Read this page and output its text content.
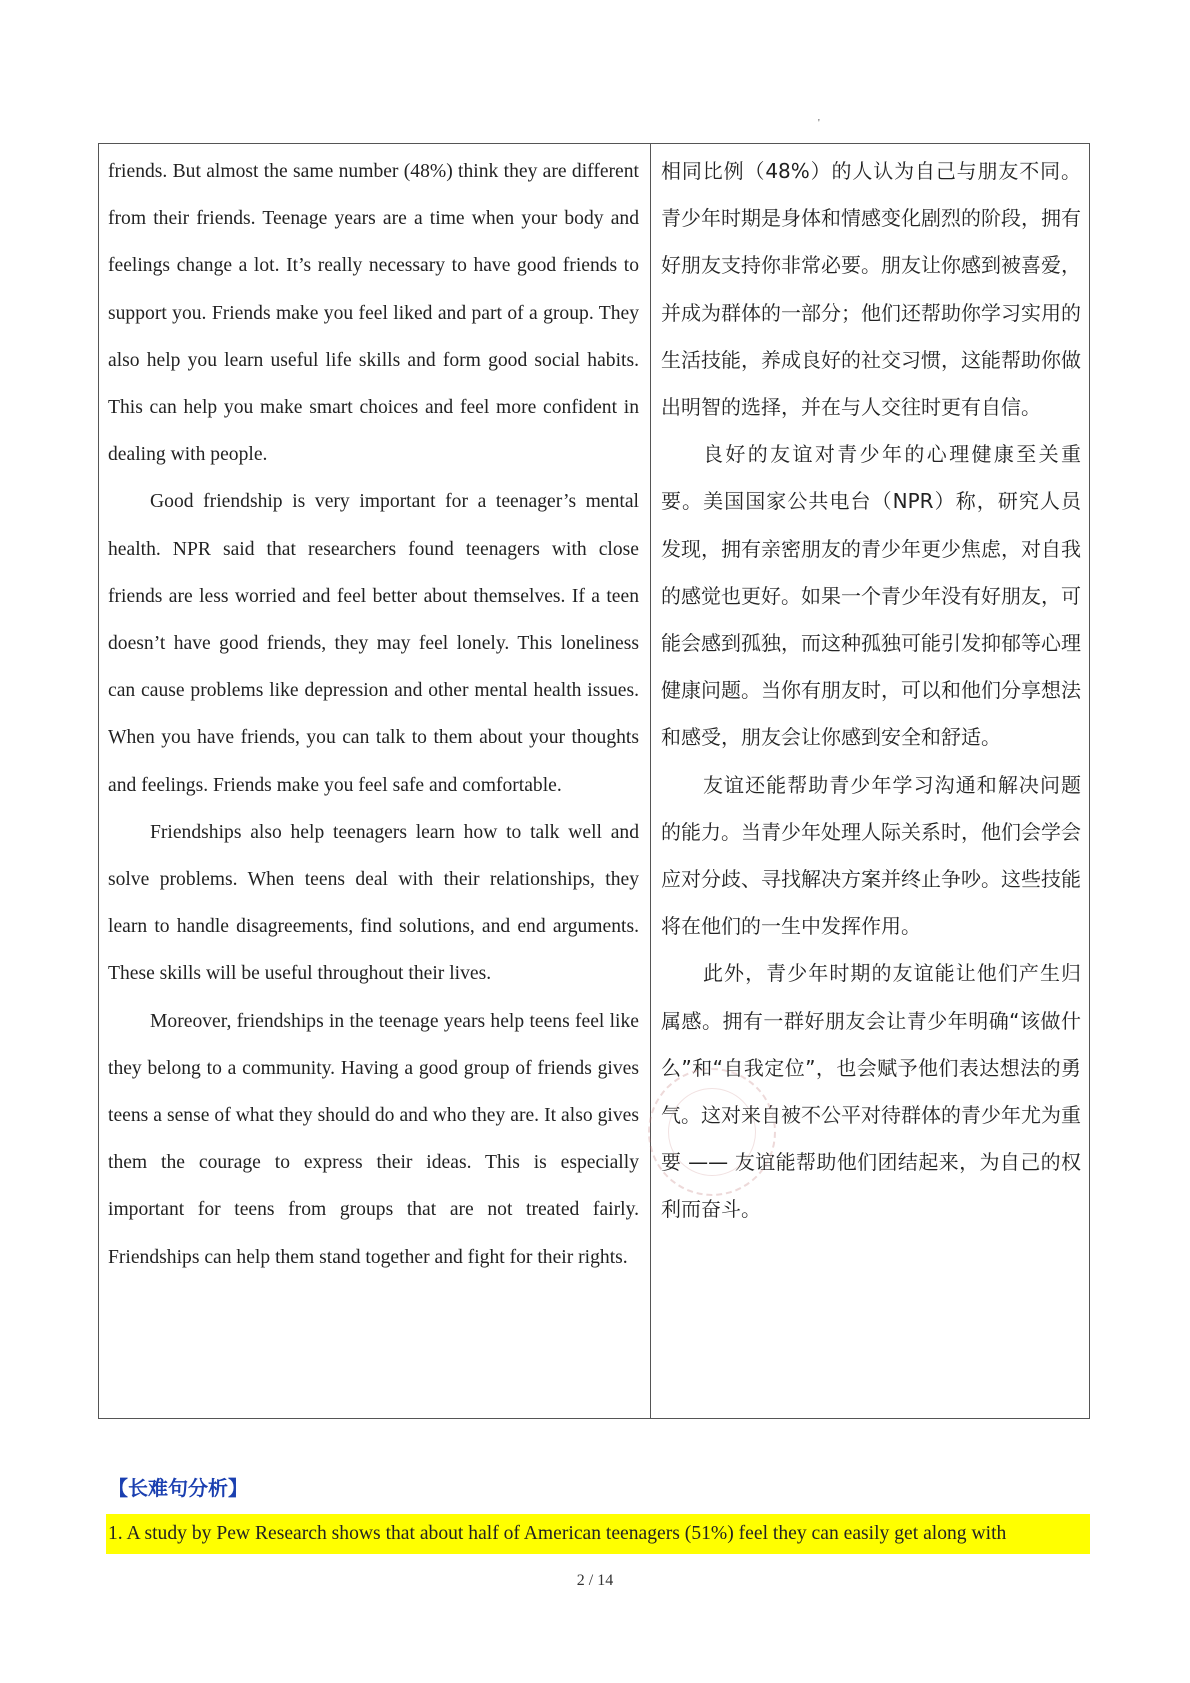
'

friends. But almost the same number (48%) think they are different from their friends. Teenage years are a time when your body and feelings change a lot. It’s really necessary to have good friends to support you. Friends make you feel liked and part of a group. They also help you learn useful life skills and form good social habits. This can help you make smart choices and feel more confident in dealing with people.

Good friendship is very important for a teenager’s mental health. NPR said that researchers found teenagers with close friends are less worried and feel better about themselves. If a teen doesn’t have good friends, they may feel lonely. This loneliness can cause problems like depression and other mental health issues. When you have friends, you can talk to them about your thoughts and feelings. Friends make you feel safe and comfortable.

Friendships also help teenagers learn how to talk well and solve problems. When teens deal with their relationships, they learn to handle disagreements, find solutions, and end arguments. These skills will be useful throughout their lives.

Moreover, friendships in the teenage years help teens feel like they belong to a community. Having a good group of friends gives teens a sense of what they should do and who they are. It also gives them the courage to express their ideas. This is especially important for teens from groups that are not treated fairly. Friendships can help them stand together and fight for their rights.

相同比例（48%）的人认为自己与朋友不同。青少年时期是身体和情感变化剧烈的阶段，拥有好朋友支持你非常必要。朋友让你感到被喜爱，并成为群体的一部分；他们还帮助你学习实用的生活技能，养成良好的社交习惯，这能帮助你做出明智的选择，并在与人交往时更有自信。

良好的友谊对青少年的心理健康至关重要。美国国家公共电台（NPR）称，研究人员发现，拥有亲密朋友的青少年更少焦虑，对自我的感觉也更好。如果一个青少年没有好朋友，可能会感到孤独，而这种孤独可能引发抑郁等心理健康问题。当你有朋友时，可以和他们分享想法和感受，朋友会让你感到安全和舒适。

友谊还能帮助青少年学习沟通和解决问题的能力。当青少年处理人际关系时，他们会学会应对分歧、寻找解决方案并终止争吵。这些技能将在他们的一生中发挥作用。

此外，青少年时期的友谊能让他们产生归属感。拥有一群好朋友会让青少年明确“该做什么”和“自我定位”，也会赋予他们表达想法的勇气。这对来自被不公平对待群体的青少年尤为重要 —— 友谊能帮助他们团结起来，为自己的权利而奋斗。

【长难句分析】
1. A study by Pew Research shows that about half of American teenagers (51%) feel they can easily get along with
2 / 14
